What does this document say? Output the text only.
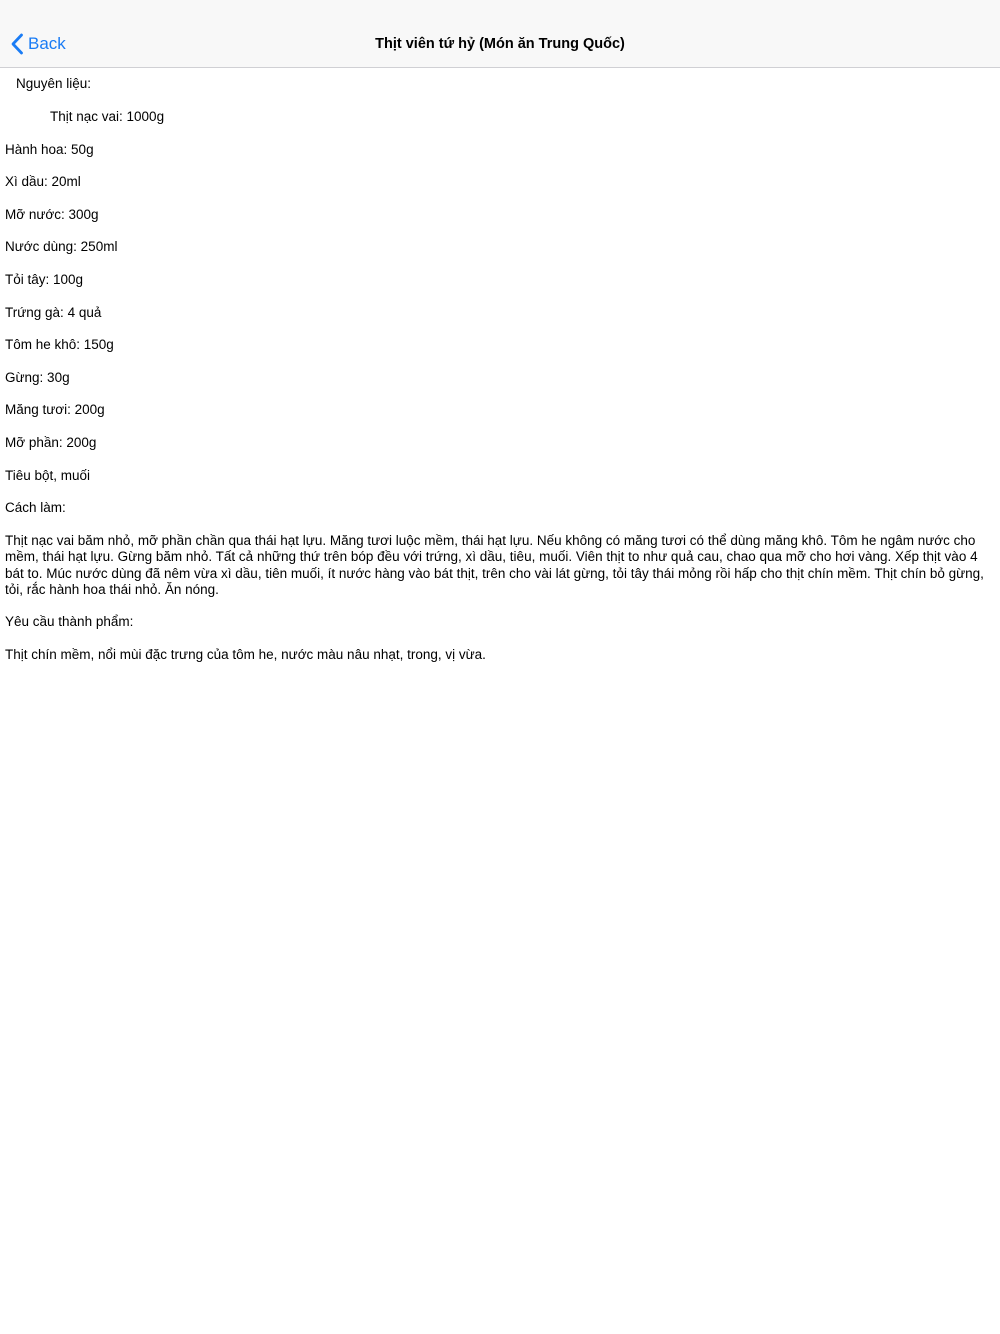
Back	Thịt viên tứ hỷ (Món ăn Trung Quốc)
Nguyên liệu:
Thịt nạc vai: 1000g
Hành hoa: 50g
Xì dầu: 20ml
Mỡ nước: 300g
Nước dùng: 250ml
Tỏi tây: 100g
Trứng gà: 4 quả
Tôm he khô: 150g
Gừng: 30g
Măng tươi: 200g
Mỡ phần: 200g
Tiêu bột, muối
Cách làm:
Thịt nạc vai băm nhỏ, mỡ phần chần qua thái hạt lựu. Măng tươi luộc mềm, thái hạt lựu. Nếu không có măng tươi có thể dùng măng khô. Tôm he ngâm nước cho mềm, thái hạt lựu. Gừng băm nhỏ. Tất cả những thứ trên bóp đều với trứng, xì dầu, tiêu, muối. Viên thịt to như quả cau, chao qua mỡ cho hơi vàng. Xếp thịt vào 4 bát to. Múc nước dùng đã nêm vừa xì dầu, tiên muối, ít nước hàng vào bát thịt, trên cho vài lát gừng, tỏi tây thái mỏng rồi hấp cho thịt chín mềm. Thịt chín bỏ gừng, tỏi, rắc hành hoa thái nhỏ. Ăn nóng.
Yêu cầu thành phẩm:
Thịt chín mềm, nổi mùi đặc trưng của tôm he, nước màu nâu nhạt, trong, vị vừa.
